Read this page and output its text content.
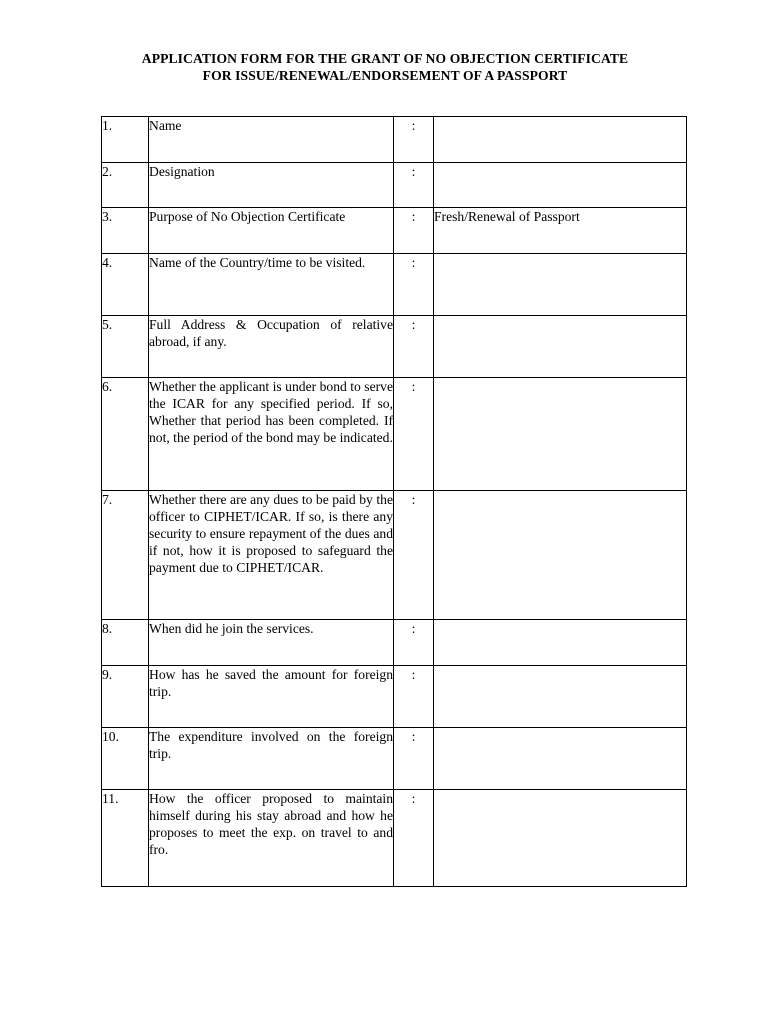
APPLICATION FORM FOR THE GRANT OF NO OBJECTION CERTIFICATE
FOR ISSUE/RENEWAL/ENDORSEMENT OF A PASSPORT
1.	Name	:	
2.	Designation	:	
3.	Purpose of No Objection Certificate	:	Fresh/Renewal of Passport
4.	Name of the Country/time to be visited.	:	
5.	Full Address & Occupation of relative abroad, if any.	:	
6.	Whether the applicant is under bond to serve the ICAR for any specified period. If so, Whether that period has been completed. If not, the period of the bond may be indicated.	:	
7.	Whether there are any dues to be paid by the officer to CIPHET/ICAR. If so, is there any security to ensure repayment of the dues and if not, how it is proposed to safeguard the payment due to CIPHET/ICAR.	:	
8.	When did he join the services.	:	
9.	How has he saved the amount for foreign trip.	:	
10.	The expenditure involved on the foreign trip.	:	
11.	How the officer proposed to maintain himself during his stay abroad and how he proposes to meet the exp. on travel to and fro.	:	
